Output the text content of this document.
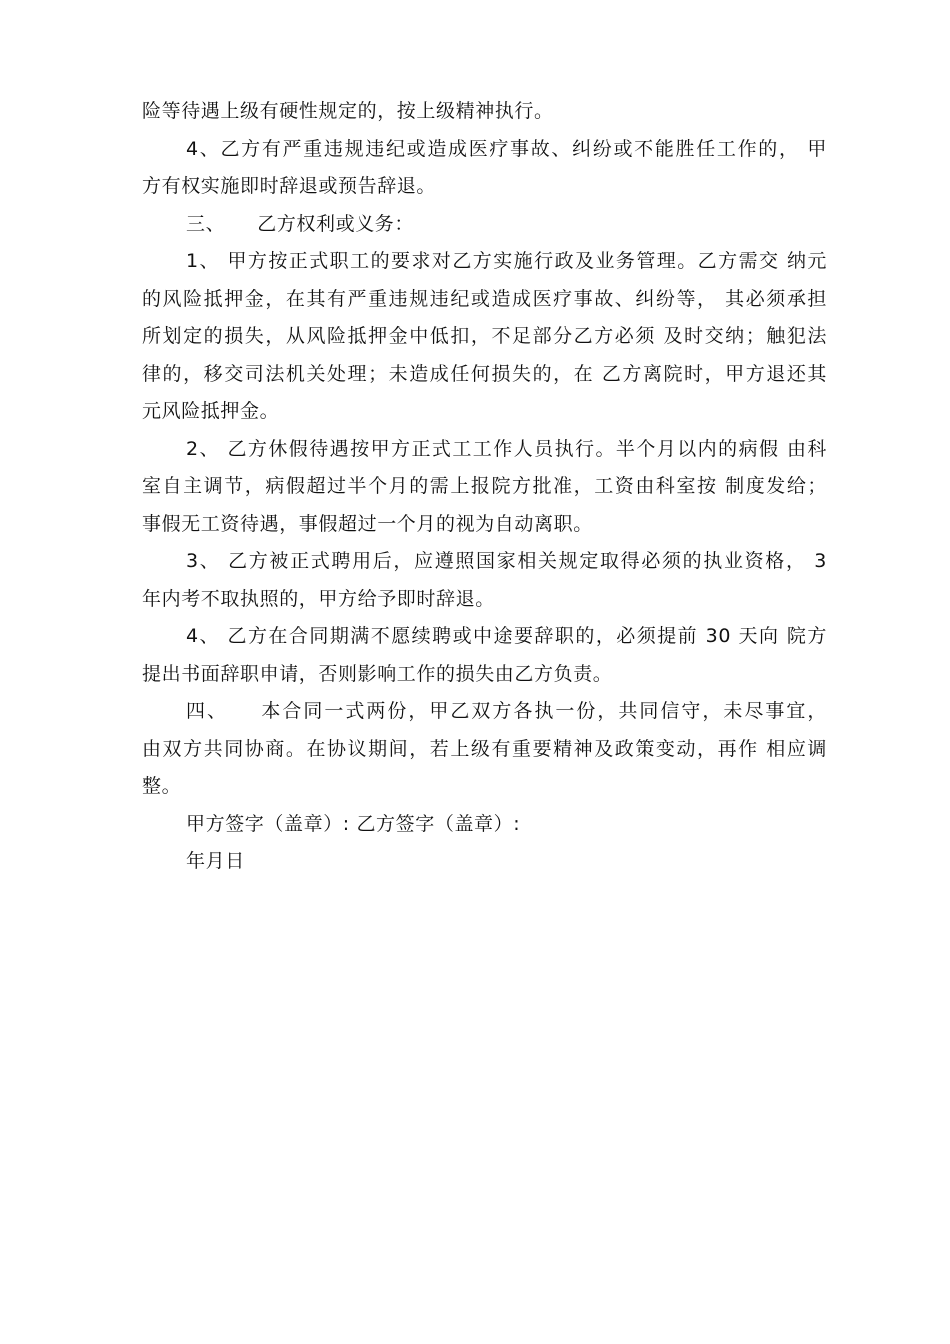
险等待遇上级有硬性规定的，按上级精神执行。
4、乙方有严重违规违纪或造成医疗事故、纠纷或不能胜任工作的， 甲
方有权实施即时辞退或预告辞退。
三、 乙方权利或义务：
1、 甲方按正式职工的要求对乙方实施行政及业务管理。乙方需交 纳元
的风险抵押金，在其有严重违规违纪或造成医疗事故、纠纷等， 其必须承担
所划定的损失，从风险抵押金中低扣，不足部分乙方必须 及时交纳；触犯法
律的，移交司法机关处理；未造成任何损失的，在 乙方离院时，甲方退还其
元风险抵押金。
2、 乙方休假待遇按甲方正式工工作人员执行。半个月以内的病假 由科
室自主调节，病假超过半个月的需上报院方批准，工资由科室按 制度发给；
事假无工资待遇，事假超过一个月的视为自动离职。
3、 乙方被正式聘用后，应遵照国家相关规定取得必须的执业资格， 3
年内考不取执照的，甲方给予即时辞退。
4、 乙方在合同期满不愿续聘或中途要辞职的，必须提前 30 天向 院方
提出书面辞职申请，否则影响工作的损失由乙方负责。
四、 本合同一式两份，甲乙双方各执一份，共同信守，未尽事宜，
由双方共同协商。在协议期间，若上级有重要精神及政策变动，再作 相应调
整。
甲方签字（盖章）: 乙方签字（盖章）:
年月日
